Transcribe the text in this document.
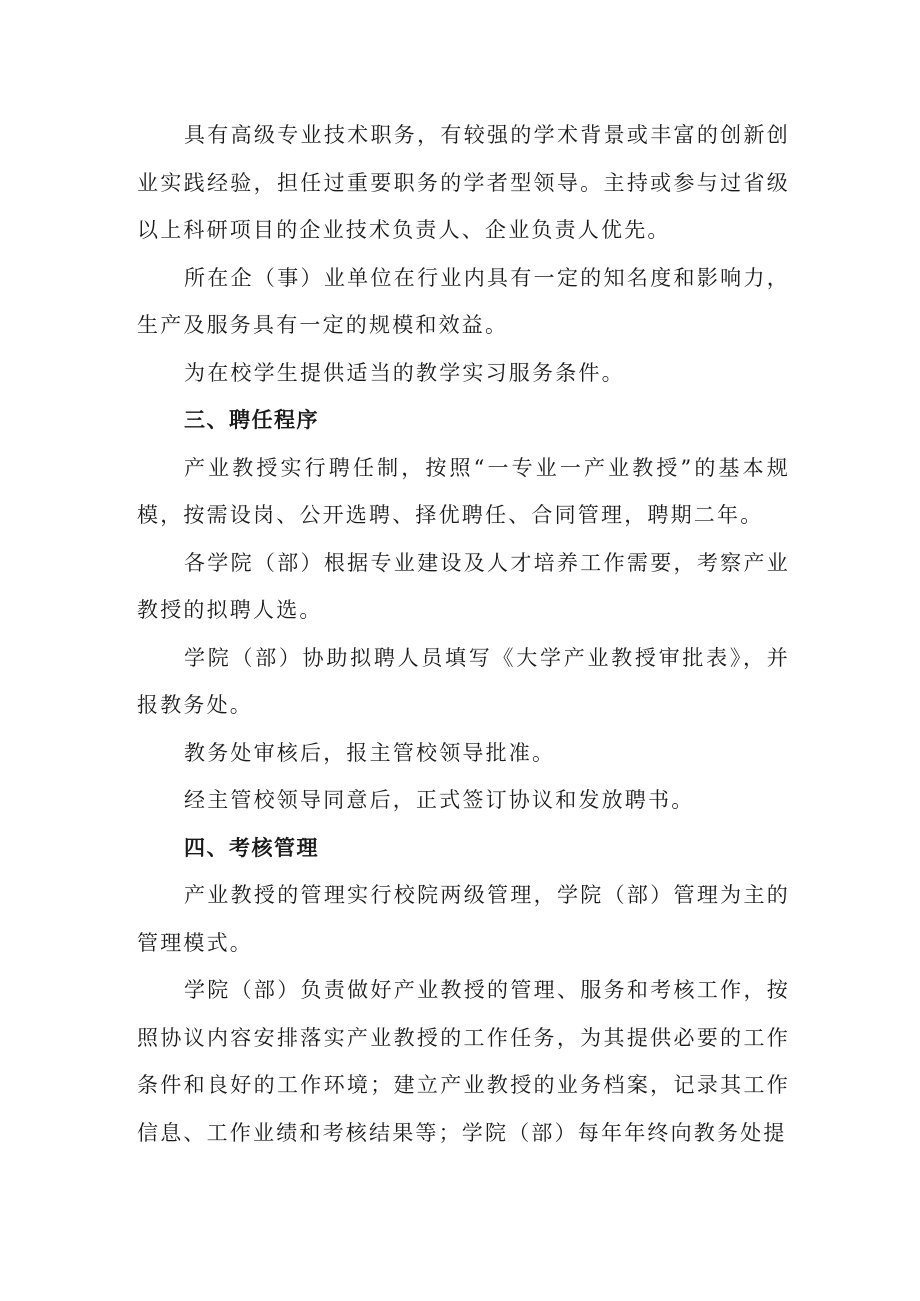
具有高级专业技术职务，有较强的学术背景或丰富的创新创业实践经验，担任过重要职务的学者型领导。主持或参与过省级以上科研项目的企业技术负责人、企业负责人优先。

所在企（事）业单位在行业内具有一定的知名度和影响力，生产及服务具有一定的规模和效益。

为在校学生提供适当的教学实习服务条件。

三、聘任程序

产业教授实行聘任制，按照“一专业一产业教授”的基本规模，按需设岗、公开选聘、择优聘任、合同管理，聘期二年。

各学院（部）根据专业建设及人才培养工作需要，考察产业教授的拟聘人选。

学院（部）协助拟聘人员填写《大学产业教授审批表》，并报教务处。

教务处审核后，报主管校领导批准。

经主管校领导同意后，正式签订协议和发放聘书。

四、考核管理

产业教授的管理实行校院两级管理，学院（部）管理为主的管理模式。

学院（部）负责做好产业教授的管理、服务和考核工作，按照协议内容安排落实产业教授的工作任务，为其提供必要的工作条件和良好的工作环境；建立产业教授的业务档案，记录其工作信息、工作业绩和考核结果等；学院（部）每年年终向教务处提
